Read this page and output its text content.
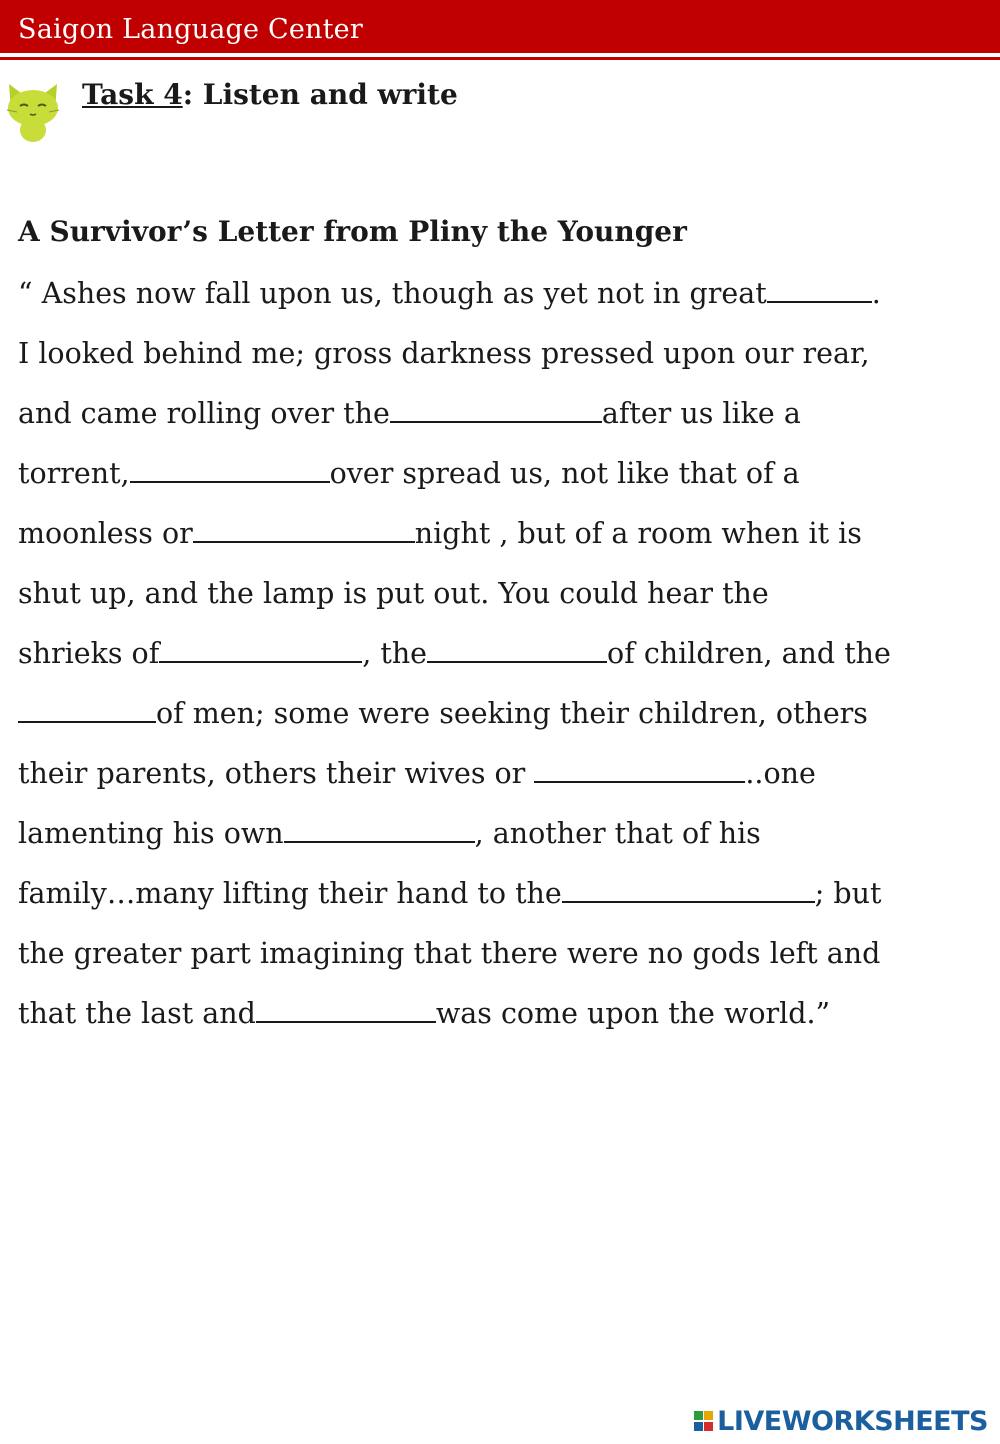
Saigon Language Center
Task 4: Listen and write
A Survivor’s Letter from Pliny the Younger
“ Ashes now fall upon us, though as yet not in great	.
I looked behind me; gross darkness pressed upon our rear,
and came rolling over the	after us like a
torrent,	over spread us, not like that of a
moonless or	night , but of a room when it is
shut up, and the lamp is put out. You could hear the
shrieks of	, the	of children, and the
of men; some were seeking their children, others
their parents, others their wives or	..one
lamenting his own	, another that of his
family…many lifting their hand to the	; but
the greater part imagining that there were no gods left and
that the last and	was come upon the world.”
LIVEWORKSHEETS
